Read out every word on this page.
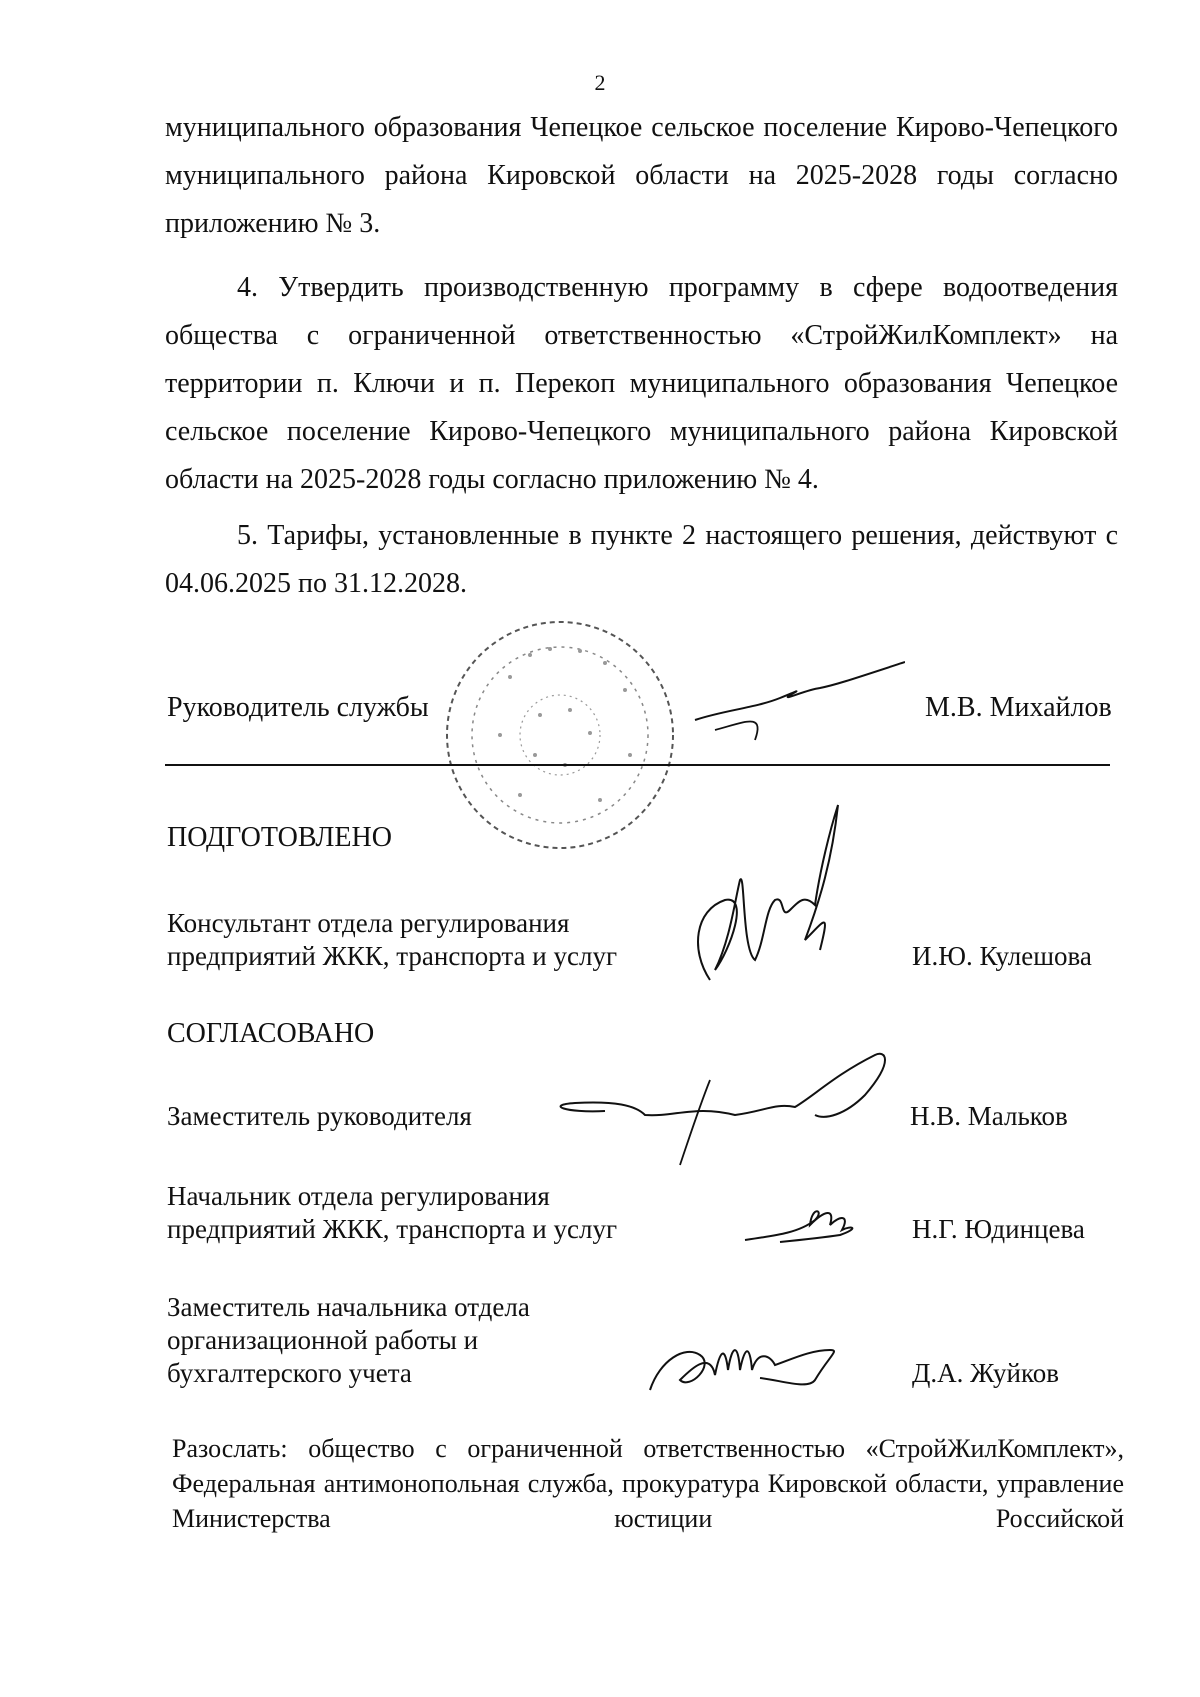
2

муниципального образования Чепецкое сельское поселение Кирово-Чепецкого муниципального района Кировской области на 2025-2028 годы согласно приложению № 3.

4. Утвердить производственную программу в сфере водоотведения общества с ограниченной ответственностью «СтройЖилКомплект» на территории п. Ключи и п. Перекоп муниципального образования Чепецкое сельское поселение Кирово-Чепецкого муниципального района Кировской области на 2025-2028 годы согласно приложению № 4.

5. Тарифы, установленные в пункте 2 настоящего решения, действуют с 04.06.2025 по 31.12.2028.

Руководитель службы	М.В. Михайлов
ПОДГОТОВЛЕНО
Консультант отдела регулирования
предприятий ЖКК, транспорта и услуг	И.Ю. Кулешова
СОГЛАСОВАНО
Заместитель руководителя	Н.В. Мальков
Начальник отдела регулирования
предприятий ЖКК, транспорта и услуг	Н.Г. Юдинцева
Заместитель начальника отдела
организационной работы и
бухгалтерского учета	Д.А. Жуйков

Разослать: общество с ограниченной ответственностью «СтройЖилКомплект», Федеральная антимонопольная служба, прокуратура Кировской области, управление Министерства юстиции Российской
